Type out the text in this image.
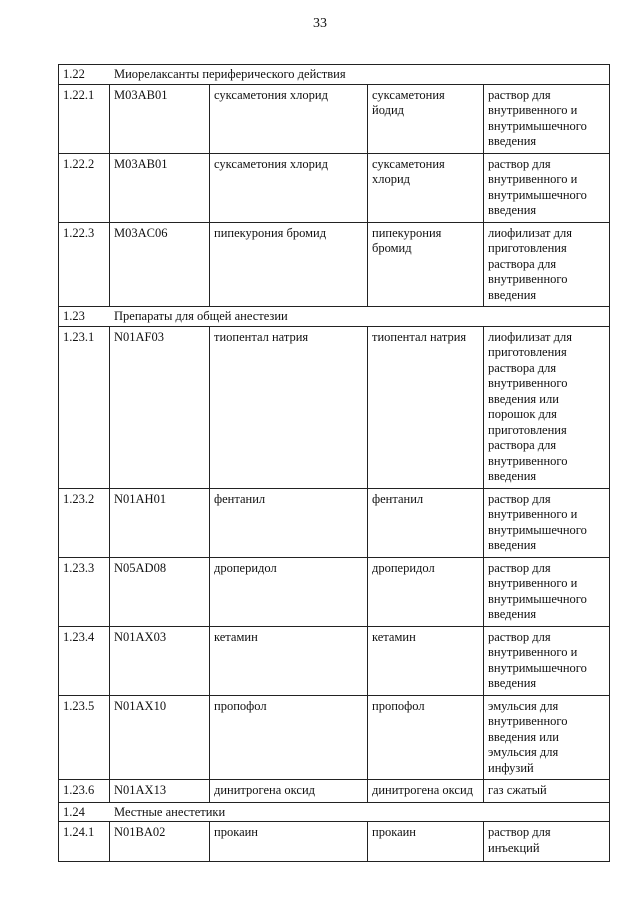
33
1.22 Миорелаксанты периферического действия				
1.22.1	M03AB01	суксаметония хлорид	суксаметония йодид	раствор для внутривенного и внутримышечного введения
1.22.2	M03AB01	суксаметония хлорид	суксаметония хлорид	раствор для внутривенного и внутримышечного введения
1.22.3	M03AC06	пипекурония бромид	пипекурония бромид	лиофилизат для приготовления раствора для внутривенного введения
1.23 Препараты для общей анестезии				
1.23.1	N01AF03	тиопентал натрия	тиопентал натрия	лиофилизат для приготовления раствора для внутривенного введения или порошок для приготовления раствора для внутривенного введения
1.23.2	N01AH01	фентанил	фентанил	раствор для внутривенного и внутримышечного введения
1.23.3	N05AD08	дроперидол	дроперидол	раствор для внутривенного и внутримышечного введения
1.23.4	N01AX03	кетамин	кетамин	раствор для внутривенного и внутримышечного введения
1.23.5	N01AX10	пропофол	пропофол	эмульсия для внутривенного введения или эмульсия для инфузий
1.23.6	N01AX13	динитрогена оксид	динитрогена оксид	газ сжатый
1.24 Местные анестетики				
1.24.1	N01BA02	прокаин	прокаин	раствор для инъекций
